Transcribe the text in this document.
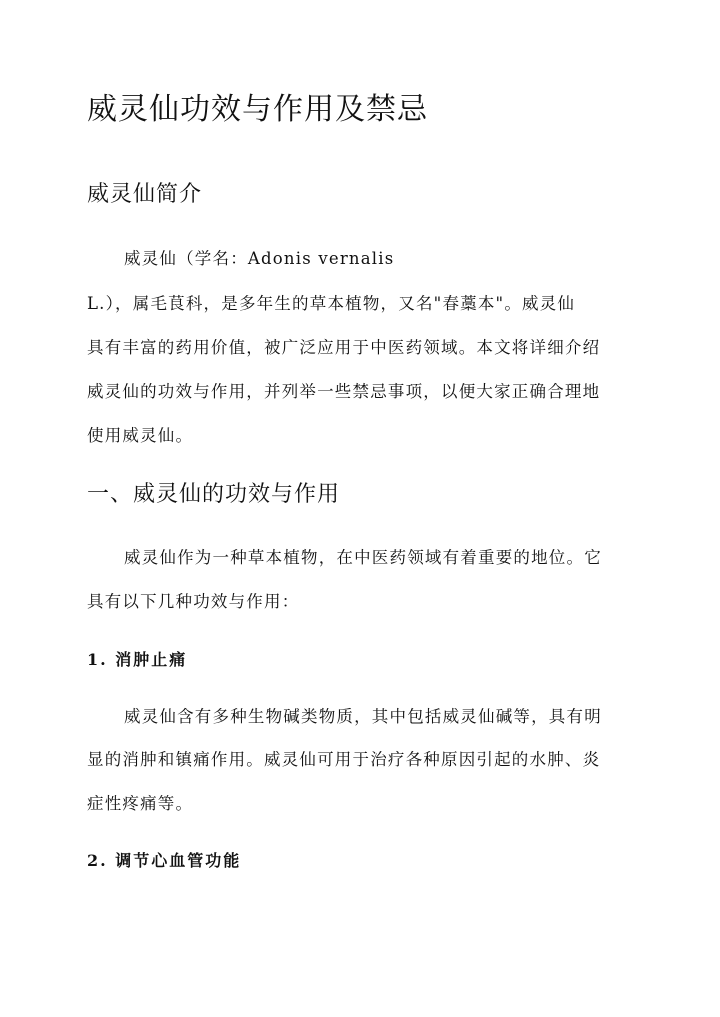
威灵仙功效与作用及禁忌
威灵仙简介
威灵仙（学名：Adonis vernalis
L.），属毛茛科，是多年生的草本植物，又名"春藁本"。威灵仙
具有丰富的药用价值，被广泛应用于中医药领域。本文将详细介绍
威灵仙的功效与作用，并列举一些禁忌事项，以便大家正确合理地
使用威灵仙。
一、威灵仙的功效与作用
威灵仙作为一种草本植物，在中医药领域有着重要的地位。它
具有以下几种功效与作用：
1. 消肿止痛
威灵仙含有多种生物碱类物质，其中包括威灵仙碱等，具有明
显的消肿和镇痛作用。威灵仙可用于治疗各种原因引起的水肿、炎
症性疼痛等。
2. 调节心血管功能
